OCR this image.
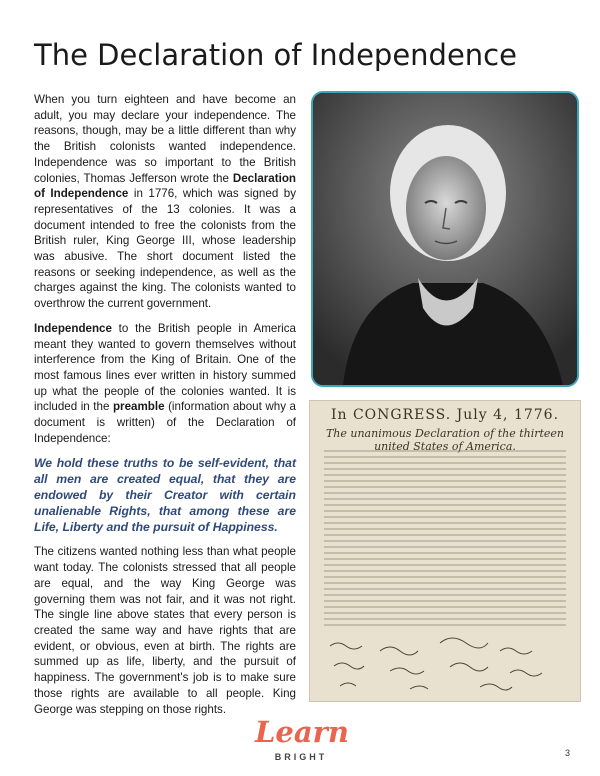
The Declaration of Independence

When you turn eighteen and have become an adult, you may declare your independence. The reasons, though, may be a little different than why the British colonists wanted independence. Independence was so important to the British colonies, Thomas Jefferson wrote the Declaration of Independence in 1776, which was signed by representatives of the 13 colonies. It was a document intended to free the colonists from the British ruler, King George III, whose leadership was abusive. The short document listed the reasons or seeking independence, as well as the charges against the king. The colonists wanted to overthrow the current government.

Independence to the British people in America meant they wanted to govern themselves without interference from the King of Britain. One of the most famous lines ever written in history summed up what the people of the colonies wanted. It is included in the preamble (information about why a document is written) of the Declaration of Independence:

We hold these truths to be self-evident, that all men are created equal, that they are endowed by their Creator with certain unalienable Rights, that among these are Life, Liberty and the pursuit of Happiness.

The citizens wanted nothing less than what people want today. The colonists stressed that all people are equal, and the way King George was governing them was not fair, and it was not right. The single line above states that every person is created the same way and have rights that are evident, or obvious, even at birth. The rights are summed up as life, liberty, and the pursuit of happiness. The government's job is to make sure those rights are available to all people. King George was stepping on those rights.

In CONGRESS. July 4, 1776.
The unanimous Declaration of the thirteen united States of America.
Learn
BRIGHT	3
